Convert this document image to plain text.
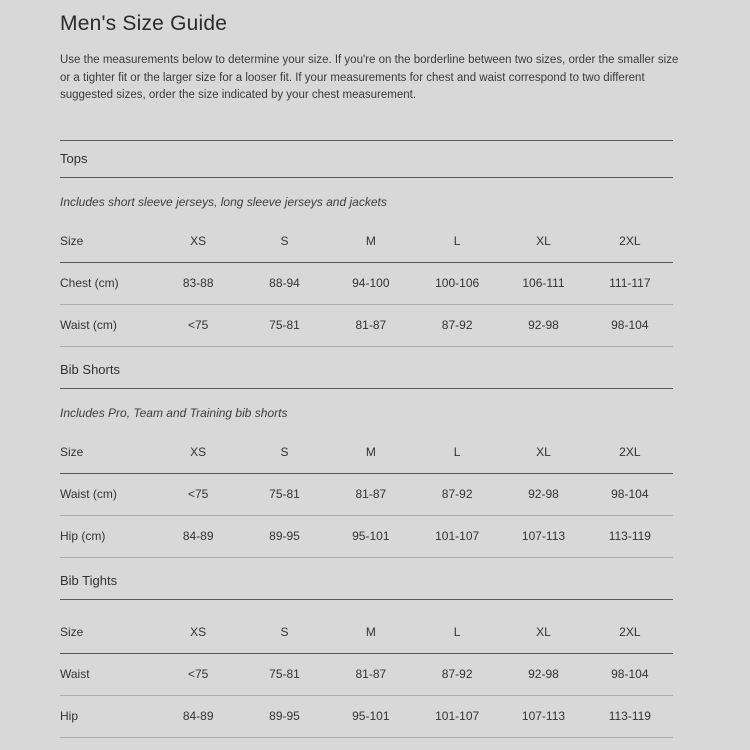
Men's Size Guide

Use the measurements below to determine your size. If you're on the borderline between two sizes, order the smaller size
or a tighter fit or the larger size for a looser fit. If your measurements for chest and waist correspond to two different
suggested sizes, order the size indicated by your chest measurement.

Tops

Includes short sleeve jerseys, long sleeve jerseys and jackets

Size	XS	S	M	L	XL	2XL
Chest (cm)	83-88	88-94	94-100	100-106	106-111	111-117
Waist (cm)	<75	75-81	81-87	87-92	92-98	98-104
Bib Shorts

Includes Pro, Team and Training bib shorts

Size	XS	S	M	L	XL	2XL
Waist (cm)	<75	75-81	81-87	87-92	92-98	98-104
Hip (cm)	84-89	89-95	95-101	101-107	107-113	113-119
Bib Tights
Size	XS	S	M	L	XL	2XL
Waist	<75	75-81	81-87	87-92	92-98	98-104
Hip	84-89	89-95	95-101	101-107	107-113	113-119
